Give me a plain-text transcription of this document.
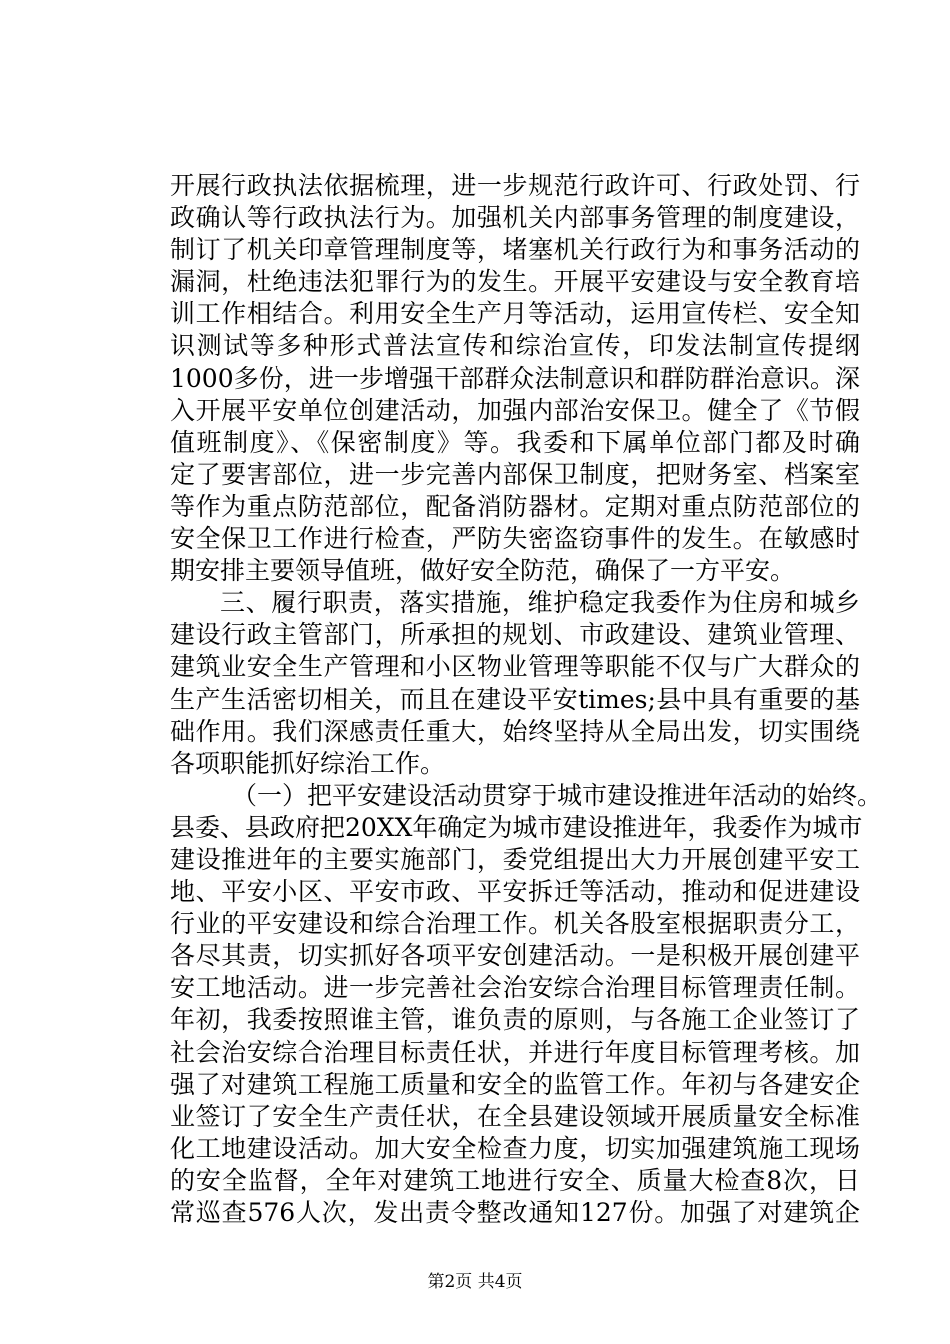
开展行政执法依据梳理，进一步规范行政许可、行政处罚、行
政确认等行政执法行为。加强机关内部事务管理的制度建设，
制订了机关印章管理制度等，堵塞机关行政行为和事务活动的
漏洞，杜绝违法犯罪行为的发生。开展平安建设与安全教育培
训工作相结合。利用安全生产月等活动，运用宣传栏、安全知
识测试等多种形式普法宣传和综治宣传，印发法制宣传提纲
1000多份，进一步增强干部群众法制意识和群防群治意识。深
入开展平安单位创建活动，加强内部治安保卫。健全了《节假
值班制度》、《保密制度》等。我委和下属单位部门都及时确
定了要害部位，进一步完善内部保卫制度，把财务室、档案室
等作为重点防范部位，配备消防器材。定期对重点防范部位的
安全保卫工作进行检查，严防失密盗窃事件的发生。在敏感时
期安排主要领导值班，做好安全防范，确保了一方平安。
三、履行职责，落实措施，维护稳定我委作为住房和城乡
建设行政主管部门，所承担的规划、市政建设、建筑业管理、
建筑业安全生产管理和小区物业管理等职能不仅与广大群众的
生产生活密切相关，而且在建设平安times;县中具有重要的基
础作用。我们深感责任重大，始终坚持从全局出发，切实围绕
各项职能抓好综治工作。
（一）把平安建设活动贯穿于城市建设推进年活动的始终。
县委、县政府把20XX年确定为城市建设推进年，我委作为城市
建设推进年的主要实施部门，委党组提出大力开展创建平安工
地、平安小区、平安市政、平安拆迁等活动，推动和促进建设
行业的平安建设和综合治理工作。机关各股室根据职责分工，
各尽其责，切实抓好各项平安创建活动。一是积极开展创建平
安工地活动。进一步完善社会治安综合治理目标管理责任制。
年初，我委按照谁主管，谁负责的原则，与各施工企业签订了
社会治安综合治理目标责任状，并进行年度目标管理考核。加
强了对建筑工程施工质量和安全的监管工作。年初与各建安企
业签订了安全生产责任状，在全县建设领域开展质量安全标准
化工地建设活动。加大安全检查力度，切实加强建筑施工现场
的安全监督，全年对建筑工地进行安全、质量大检查8次，日
常巡查576人次，发出责令整改通知127份。加强了对建筑企
第2页 共4页
